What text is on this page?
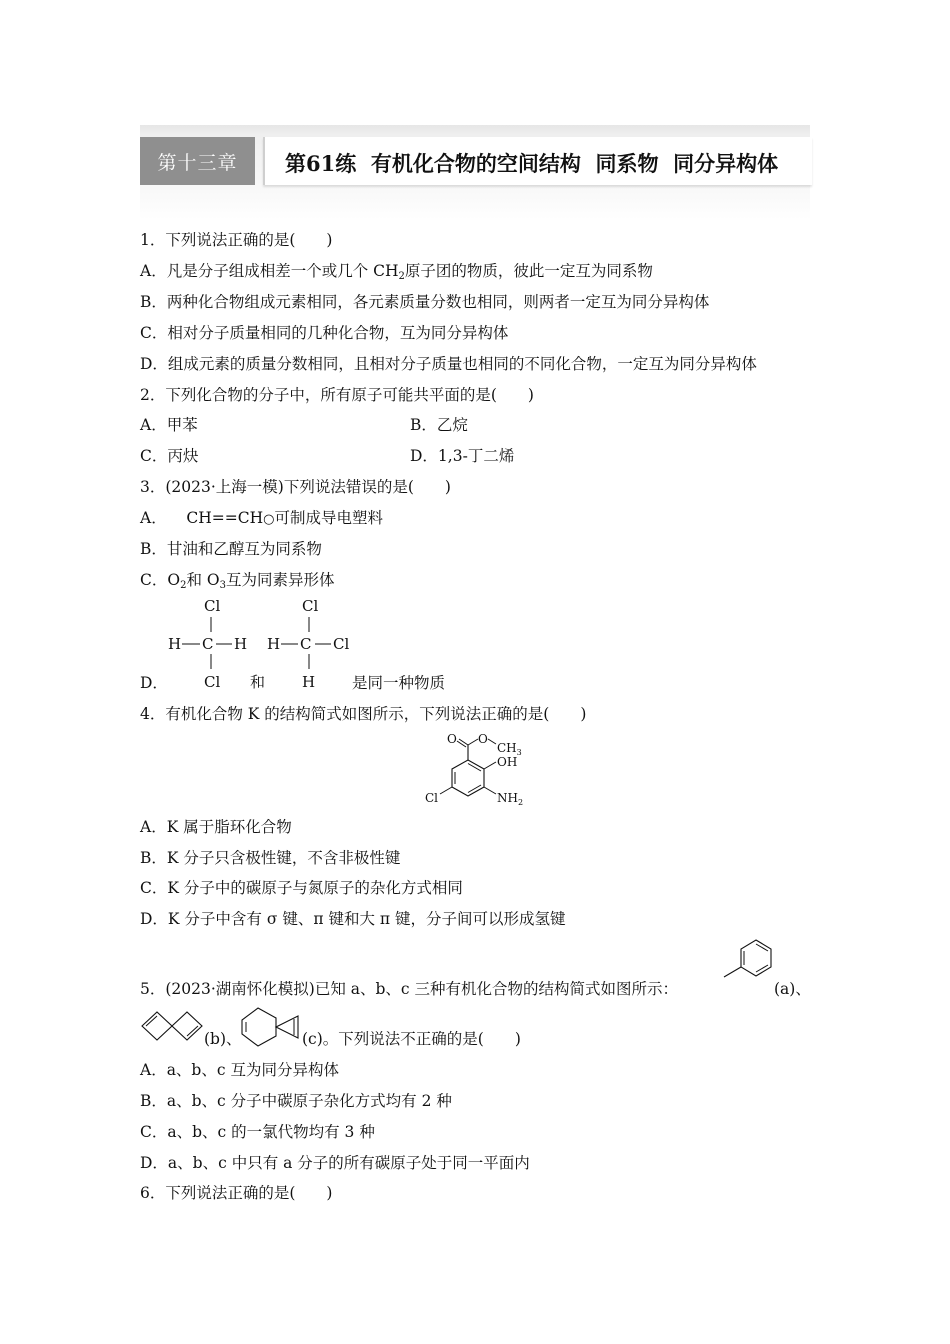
第十三章	第61练  有机化合物的空间结构  同系物  同分异构体
1．下列说法正确的是(　　)
A．凡是分子组成相差一个或几个 $CH_2$原子团的物质，彼此一定互为同系物
B．两种化合物组成元素相同，各元素质量分数也相同，则两者一定互为同分异构体
C．相对分子质量相同的几种化合物，互为同分异构体
D．组成元素的质量分数相同，且相对分子质量也相同的不同化合物，一定互为同分异构体
2．下列化合物的分子中，所有原子可能共平面的是(　　)
A．甲苯	B．乙烷
C．丙炔	D．1,3-丁二烯
3．(2023·上海一模)下列说法错误的是(　　)
A． CH==CH○可制成导电塑料
B．甘油和乙醇互为同系物
C．$O_2$和 $O_3$互为同素异形体
D．
Cl
H C H
Cl 和
Cl
H C Cl
H 是同一种物质
4．有机化合物 K 的结构简式如图所示，下列说法正确的是(　　)
O O
$CH_3$
OH
Cl	$NH_2$
A．K 属于脂环化合物
B．K 分子只含极性键，不含非极性键
C．K 分子中的碳原子与氮原子的杂化方式相同
D．K 分子中含有 σ 键、π 键和大 π 键，分子间可以形成氢键
5．(2023·湖南怀化模拟)已知 a、b、c 三种有机化合物的结构简式如图所示：	(a)、
(b)、	(c)。下列说法不正确的是(　　)
A．a、b、c 互为同分异构体
B．a、b、c 分子中碳原子杂化方式均有 2 种
C．a、b、c 的一氯代物均有 3 种
D．a、b、c 中只有 a 分子的所有碳原子处于同一平面内
6．下列说法正确的是(　　)
